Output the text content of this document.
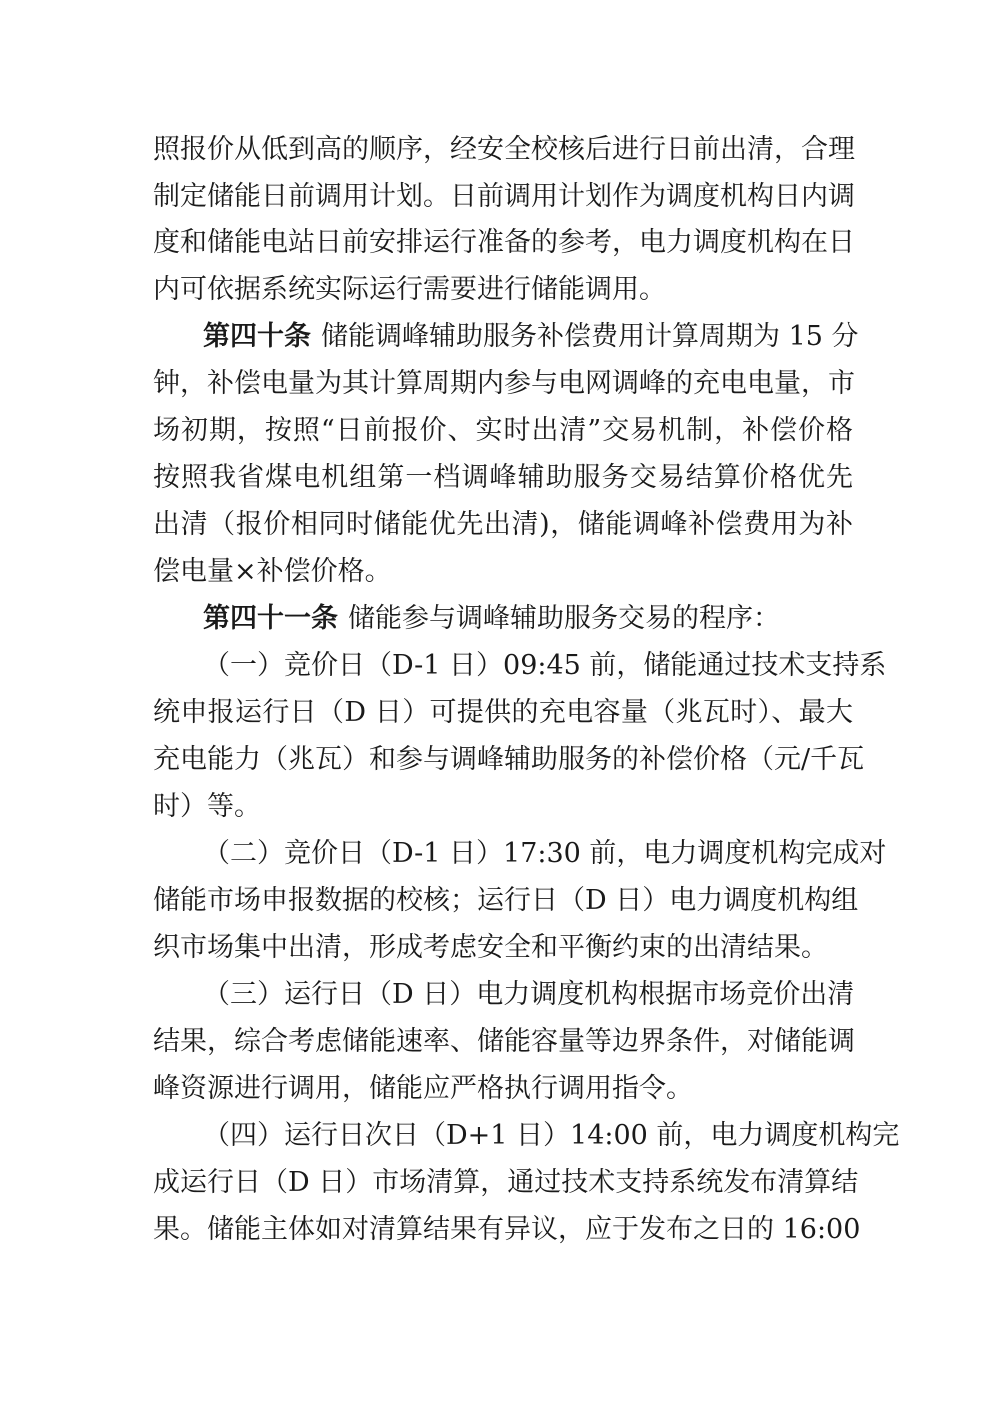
照报价从低到高的顺序，经安全校核后进行日前出清，合理
制定储能日前调用计划。日前调用计划作为调度机构日内调
度和储能电站日前安排运行准备的参考，电力调度机构在日
内可依据系统实际运行需要进行储能调用。
第四十条 储能调峰辅助服务补偿费用计算周期为 15 分
钟，补偿电量为其计算周期内参与电网调峰的充电电量，市
场初期，按照“日前报价、实时出清”交易机制，补偿价格
按照我省煤电机组第一档调峰辅助服务交易结算价格优先
出清（报价相同时储能优先出清)，储能调峰补偿费用为补
偿电量×补偿价格。
第四十一条 储能参与调峰辅助服务交易的程序：
（一）竞价日（D-1 日）09:45 前，储能通过技术支持系
统申报运行日（D 日）可提供的充电容量（兆瓦时）、最大
充电能力（兆瓦）和参与调峰辅助服务的补偿价格（元/千瓦
时）等。
（二）竞价日（D-1 日）17:30 前，电力调度机构完成对
储能市场申报数据的校核；运行日（D 日）电力调度机构组
织市场集中出清，形成考虑安全和平衡约束的出清结果。
（三）运行日（D 日）电力调度机构根据市场竞价出清
结果，综合考虑储能速率、储能容量等边界条件，对储能调
峰资源进行调用，储能应严格执行调用指令。
（四）运行日次日（D+1 日）14:00 前，电力调度机构完
成运行日（D 日）市场清算，通过技术支持系统发布清算结
果。储能主体如对清算结果有异议，应于发布之日的 16:00
